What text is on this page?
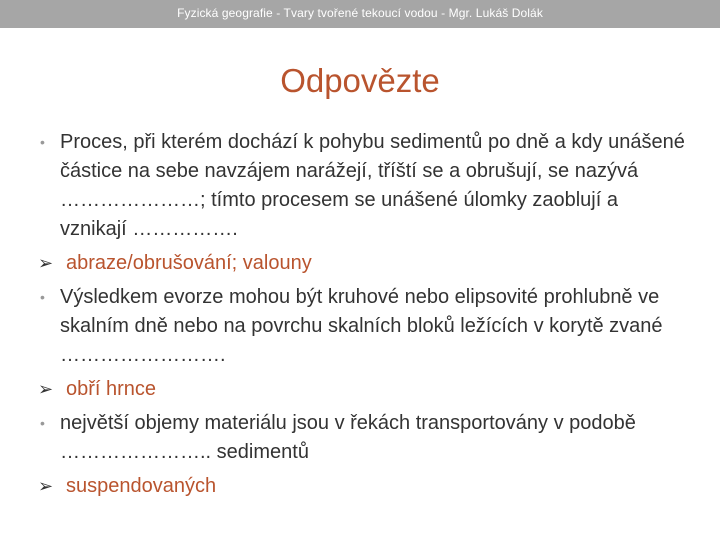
Fyzická geografie - Tvary tvořené tekoucí vodou - Mgr. Lukáš Dolák
Odpovězte
• Proces, při kterém dochází k pohybu sedimentů po dně a kdy unášené částice na sebe navzájem narážejí, tříští se a obrušují, se nazývá …………………; tímto procesem se unášené úlomky zaoblují a vznikají …………….
➢ abraze/obrušování; valouny
• Výsledkem evorze mohou být kruhové nebo elipsovité prohlubně ve skalním dně nebo na povrchu skalních bloků ležících v korytě zvané …………………….
➢ obří hrnce
• největší objemy materiálu jsou v řekách transportovány v podobě ………………….. sedimentů
➢ suspendovaných
